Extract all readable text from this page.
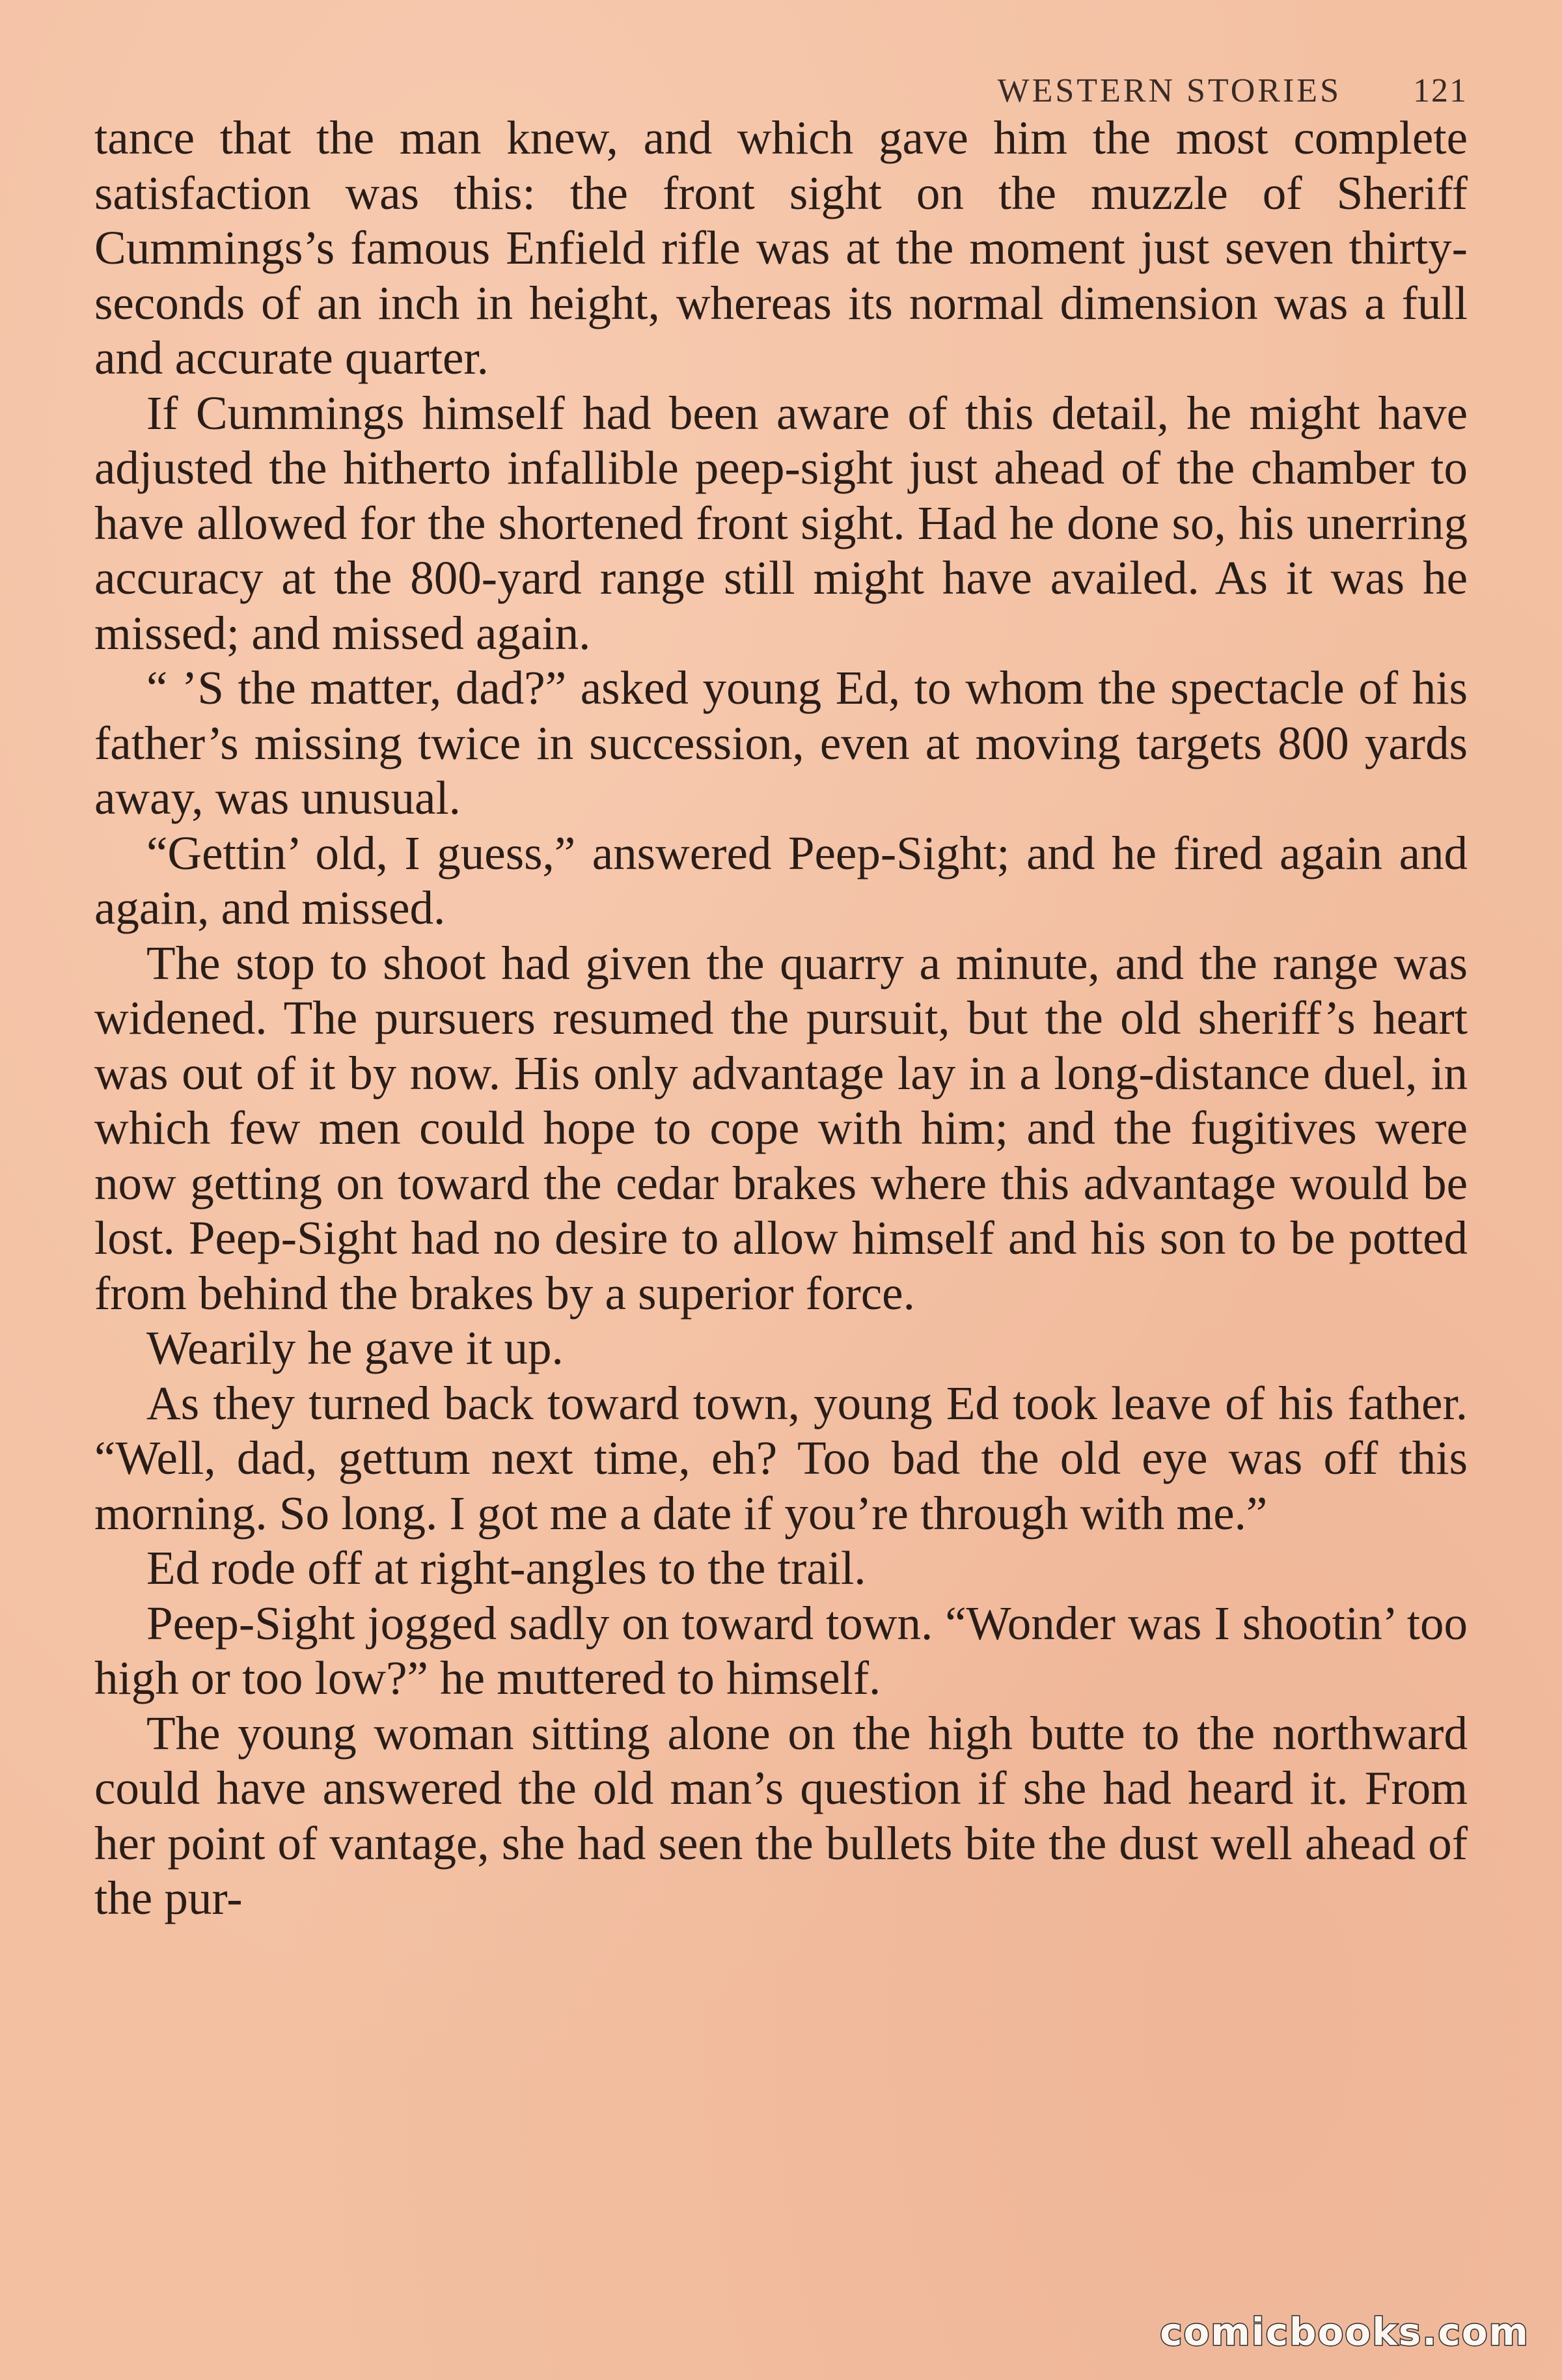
WESTERN STORIES 121

tance that the man knew, and which gave him the most complete satisfaction was this: the front sight on the muzzle of Sheriff Cummings’s famous Enfield rifle was at the moment just seven thirty-seconds of an inch in height, whereas its normal dimension was a full and accurate quarter.

If Cummings himself had been aware of this detail, he might have adjusted the hitherto infallible peep-sight just ahead of the chamber to have allowed for the shortened front sight. Had he done so, his unerring accuracy at the 800-yard range still might have availed. As it was he missed; and missed again.

“ ’S the matter, dad?” asked young Ed, to whom the spectacle of his father’s missing twice in succession, even at moving targets 800 yards away, was unusual.

“Gettin’ old, I guess,” answered Peep-Sight; and he fired again and again, and missed.

The stop to shoot had given the quarry a minute, and the range was widened. The pursuers resumed the pursuit, but the old sheriff’s heart was out of it by now. His only advantage lay in a long-distance duel, in which few men could hope to cope with him; and the fugitives were now getting on toward the cedar brakes where this advantage would be lost. Peep-Sight had no desire to allow himself and his son to be potted from behind the brakes by a superior force.

Wearily he gave it up.

As they turned back toward town, young Ed took leave of his father. “Well, dad, gettum next time, eh? Too bad the old eye was off this morning. So long. I got me a date if you’re through with me.”

Ed rode off at right-angles to the trail.

Peep-Sight jogged sadly on toward town. “Wonder was I shootin’ too high or too low?” he muttered to himself.

The young woman sitting alone on the high butte to the northward could have answered the old man’s question if she had heard it. From her point of vantage, she had seen the bullets bite the dust well ahead of the pur-

comicbooks.com
